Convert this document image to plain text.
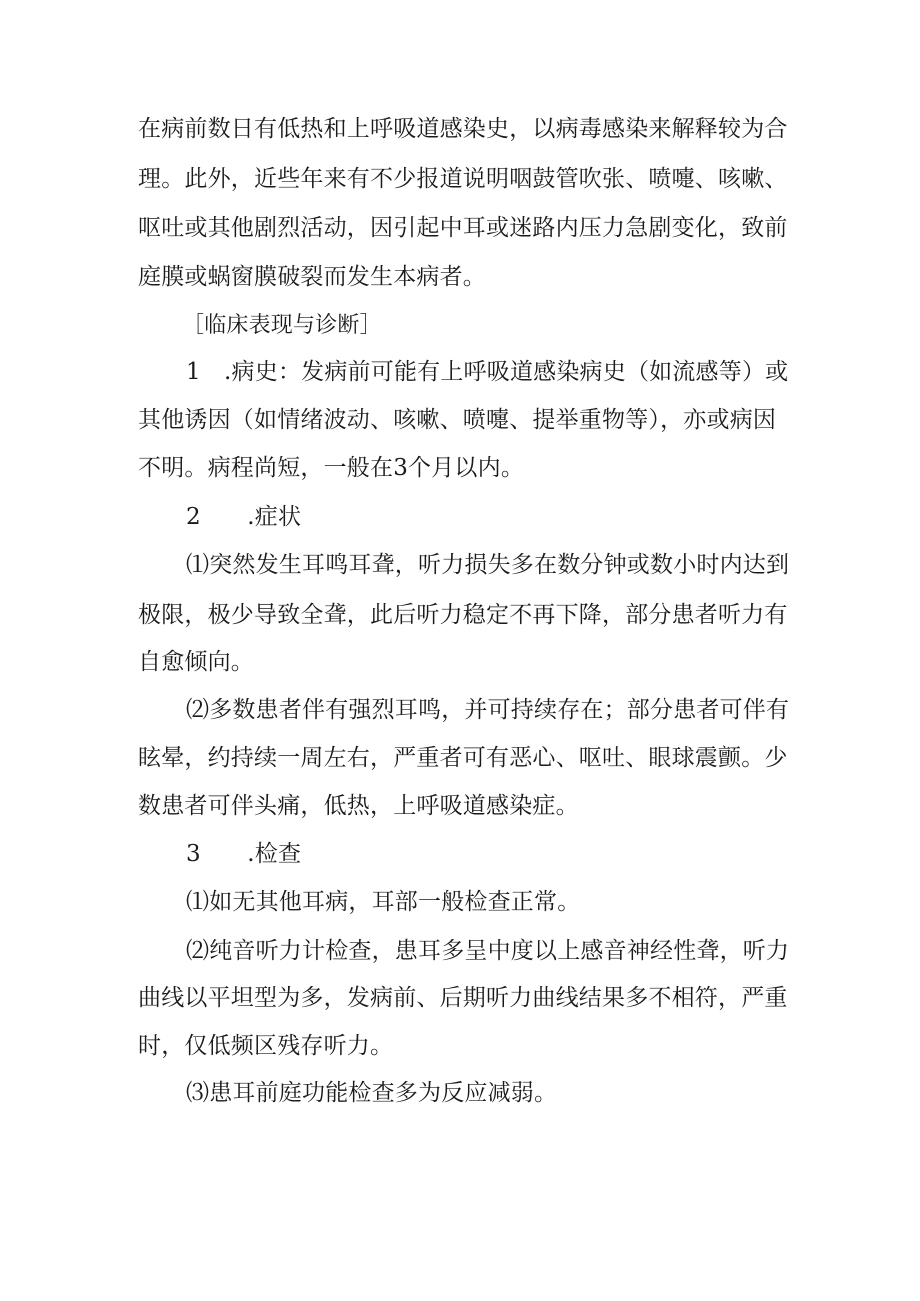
在病前数日有低热和上呼吸道感染史，以病毒感染来解释较为合
理。此外，近些年来有不少报道说明咽鼓管吹张、喷嚏、咳嗽、
呕吐或其他剧烈活动，因引起中耳或迷路内压力急剧变化，致前
庭膜或蜗窗膜破裂而发生本病者。
［临床表现与诊断］
1　.病史：发病前可能有上呼吸道感染病史（如流感等）或
其他诱因（如情绪波动、咳嗽、喷嚏、提举重物等），亦或病因
不明。病程尚短，一般在3个月以内。
2　　.症状
⑴突然发生耳鸣耳聋，听力损失多在数分钟或数小时内达到
极限，极少导致全聋，此后听力稳定不再下降，部分患者听力有
自愈倾向。
⑵多数患者伴有强烈耳鸣，并可持续存在；部分患者可伴有
眩晕，约持续一周左右，严重者可有恶心、呕吐、眼球震颤。少
数患者可伴头痛，低热，上呼吸道感染症。
3　　.检查
⑴如无其他耳病，耳部一般检查正常。
⑵纯音听力计检查，患耳多呈中度以上感音神经性聋，听力
曲线以平坦型为多，发病前、后期听力曲线结果多不相符，严重
时，仅低频区残存听力。
⑶患耳前庭功能检查多为反应减弱。
